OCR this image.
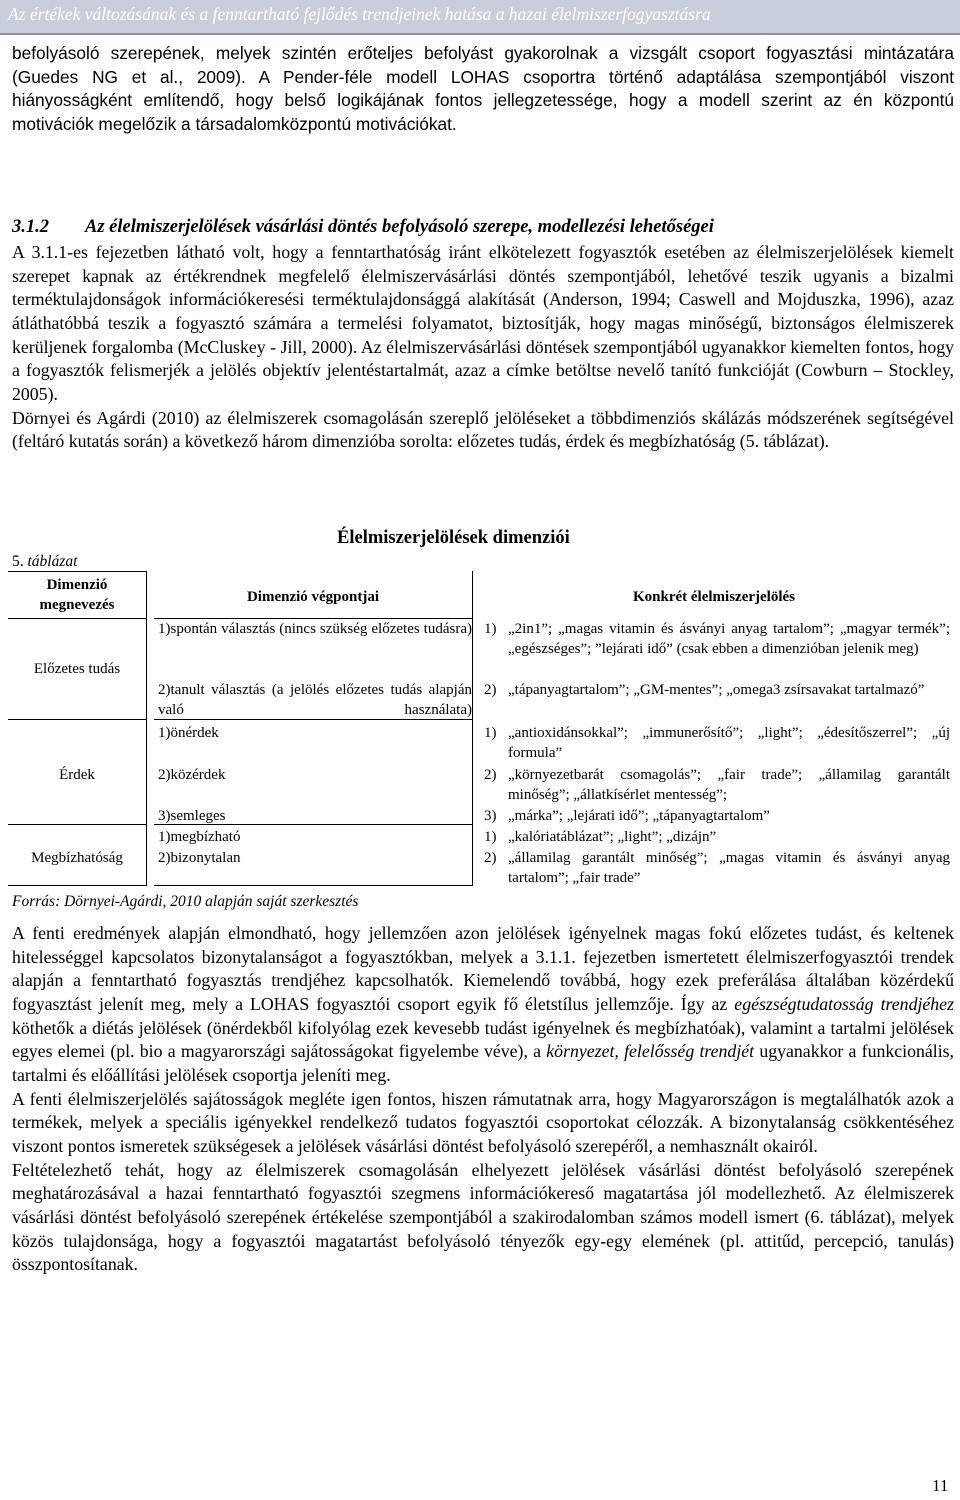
Az értékek változásának és a fenntartható fejlődés trendjeinek hatása a hazai élelmiszerfogyasztásra
befolyásoló szerepének, melyek szintén erőteljes befolyást gyakorolnak a vizsgált csoport fogyasztási mintázatára (Guedes NG et al., 2009). A Pender-féle modell LOHAS csoportra történő adaptálása szempontjából viszont hiányosságként említendő, hogy belső logikájának fontos jellegzetessége, hogy a modell szerint az én központú motivációk megelőzik a társadalomközpontú motivációkat.
3.1.2 Az élelmiszerjelölések vásárlási döntés befolyásoló szerepe, modellezési lehetőségei

A 3.1.1-es fejezetben látható volt, hogy a fenntarthatóság iránt elkötelezett fogyasztók esetében az élelmiszerjelölések kiemelt szerepet kapnak az értékrendnek megfelelő élelmiszervásárlási döntés szempontjából, lehetővé teszik ugyanis a bizalmi terméktulajdonságok információkeresési terméktulajdonsággá alakítását (Anderson, 1994; Caswell and Mojduszka, 1996), azaz átláthatóbbá teszik a fogyasztó számára a termelési folyamatot, biztosítják, hogy magas minőségű, biztonságos élelmiszerek kerüljenek forgalomba (McCluskey - Jill, 2000). Az élelmiszervásárlási döntések szempontjából ugyanakkor kiemelten fontos, hogy a fogyasztók felismerjék a jelölés objektív jelentéstartalmát, azaz a címke betöltse nevelő tanító funkcióját (Cowburn – Stockley, 2005).

Dörnyei és Agárdi (2010) az élelmiszerek csomagolásán szereplő jelöléseket a többdimenziós skálázás módszerének segítségével (feltáró kutatás során) a következő három dimenzióba sorolta: előzetes tudás, érdek és megbízhatóság (5. táblázat).

Élelmiszerjelölések dimenziói
5. táblázat
Dimenzió megnevezés	Dimenzió végpontjai	Konkrét élelmiszerjelölés
Előzetes tudás
1)spontán választás (nincs szükség előzetes tudásra)
2)tanult választás (a jelölés előzetes tudás alapján való használata)
1) „2in1”; „magas vitamin és ásványi anyag tartalom”; „magyar termék”; „egészséges”; ”lejárati idő” (csak ebben a dimenzióban jelenik meg)
2) „tápanyagtartalom”; „GM-mentes”; „omega3 zsírsavakat tartalmazó”
Érdek
1)önérdek
2)közérdek
3)semleges
1) „antioxidánsokkal”; „immunerősítő”; „light”; „édesítőszerrel”; „új formula”
2) „környezetbarát csomagolás”; „fair trade”; „államilag garantált minőség”; „állatkísérlet mentesség”;
3) „márka”; „lejárati idő”; „tápanyagtartalom”
Megbízhatóság
1)megbízható
2)bizonytalan
1) „kalóriatáblázat”; „light”; „dizájn”
2) „államilag garantált minőség”; „magas vitamin és ásványi anyag tartalom”; „fair trade”
Forrás: Dörnyei-Agárdi, 2010 alapján saját szerkesztés

A fenti eredmények alapján elmondható, hogy jellemzően azon jelölések igényelnek magas fokú előzetes tudást, és keltenek hitelességgel kapcsolatos bizonytalanságot a fogyasztókban, melyek a 3.1.1. fejezetben ismertetett élelmiszerfogyasztói trendek alapján a fenntartható fogyasztás trendjéhez kapcsolhatók. Kiemelendő továbbá, hogy ezek preferálása általában közérdekű fogyasztást jelenít meg, mely a LOHAS fogyasztói csoport egyik fő életstílus jellemzője. Így az egészségtudatosság trendjéhez köthetők a diétás jelölések (önérdekből kifolyólag ezek kevesebb tudást igényelnek és megbízhatóak), valamint a tartalmi jelölések egyes elemei (pl. bio a magyarországi sajátosságokat figyelembe véve), a környezet, felelősség trendjét ugyanakkor a funkcionális, tartalmi és előállítási jelölések csoportja jeleníti meg.

A fenti élelmiszerjelölés sajátosságok megléte igen fontos, hiszen rámutatnak arra, hogy Magyarországon is megtalálhatók azok a termékek, melyek a speciális igényekkel rendelkező tudatos fogyasztói csoportokat célozzák. A bizonytalanság csökkentéséhez viszont pontos ismeretek szükségesek a jelölések vásárlási döntést befolyásoló szerepéről, a nemhasznált okairól.

Feltételezhető tehát, hogy az élelmiszerek csomagolásán elhelyezett jelölések vásárlási döntést befolyásoló szerepének meghatározásával a hazai fenntartható fogyasztói szegmens információkereső magatartása jól modellezhető. Az élelmiszerek vásárlási döntést befolyásoló szerepének értékelése szempontjából a szakirodalomban számos modell ismert (6. táblázat), melyek közös tulajdonsága, hogy a fogyasztói magatartást befolyásoló tényezők egy-egy elemének (pl. attitűd, percepció, tanulás) összpontosítanak.

11
